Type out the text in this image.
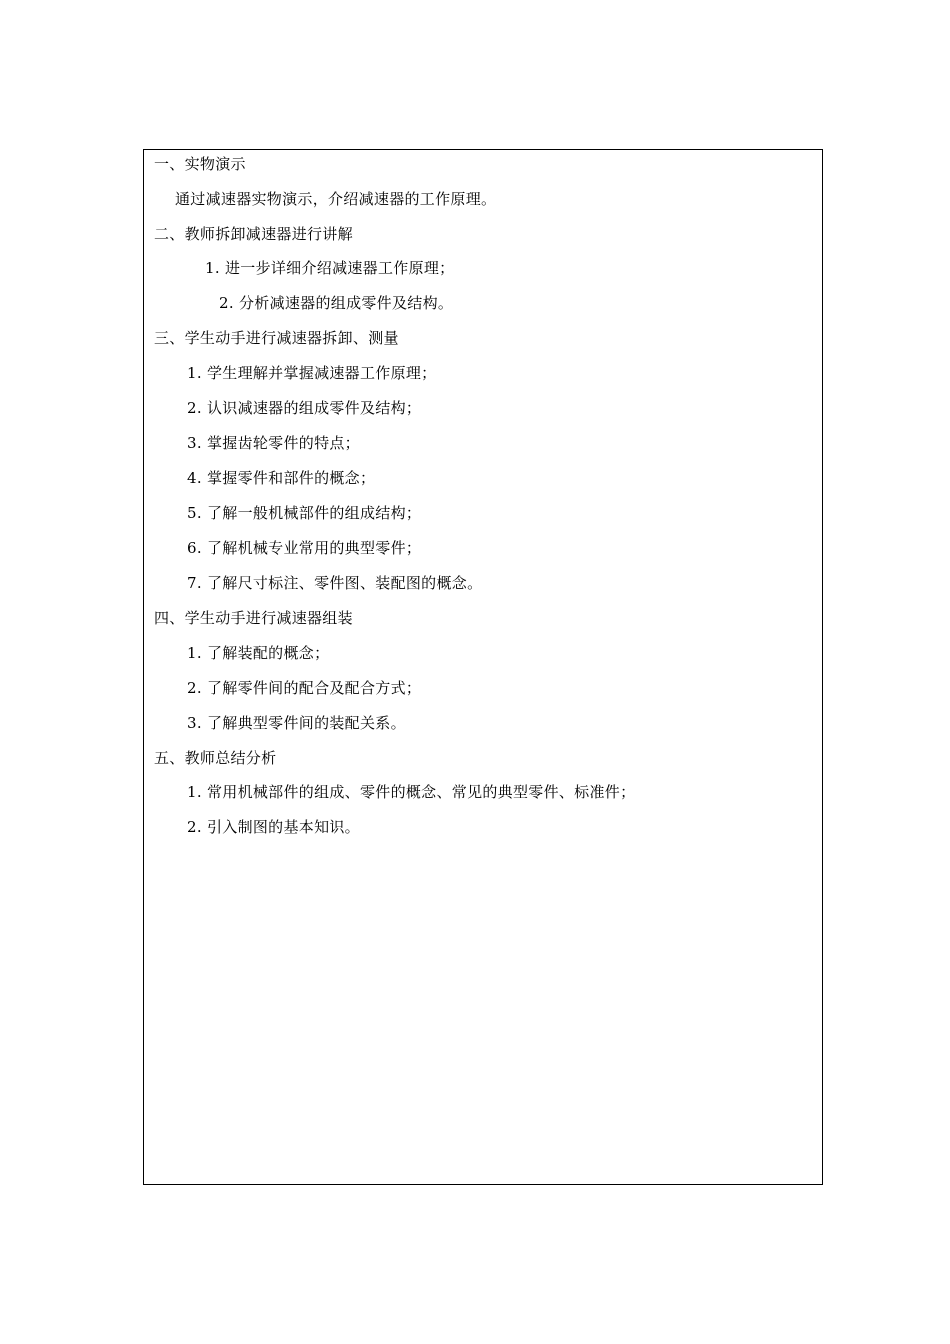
一、实物演示
通过减速器实物演示，介绍减速器的工作原理。
二、教师拆卸减速器进行讲解
1. 进一步详细介绍减速器工作原理；
2. 分析减速器的组成零件及结构。
三、学生动手进行减速器拆卸、测量
1. 学生理解并掌握减速器工作原理；
2. 认识减速器的组成零件及结构；
3. 掌握齿轮零件的特点；
4. 掌握零件和部件的概念；
5. 了解一般机械部件的组成结构；
6. 了解机械专业常用的典型零件；
7. 了解尺寸标注、零件图、装配图的概念。
四、学生动手进行减速器组装
1. 了解装配的概念；
2. 了解零件间的配合及配合方式；
3. 了解典型零件间的装配关系。
五、教师总结分析
1. 常用机械部件的组成、零件的概念、常见的典型零件、标准件；
2. 引入制图的基本知识。
